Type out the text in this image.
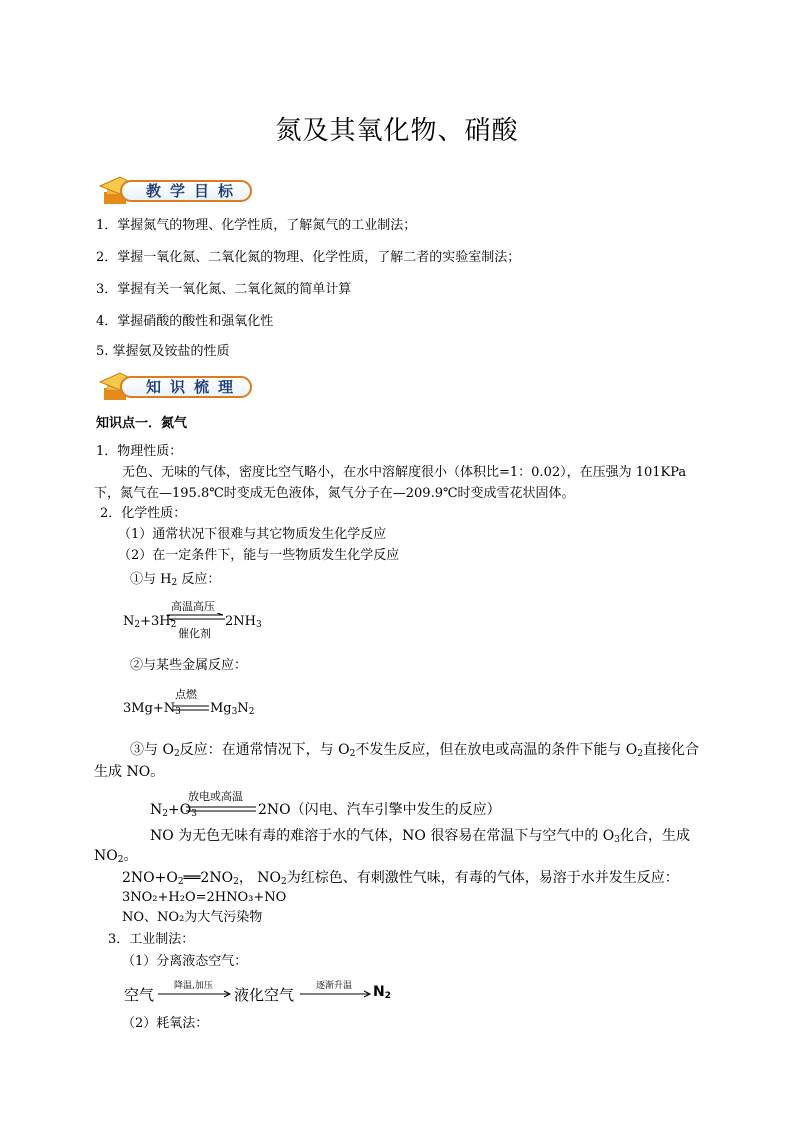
氮及其氧化物、硝酸
教学目标
1．掌握氮气的物理、化学性质，了解氮气的工业制法；
2．掌握一氧化氮、二氧化氮的物理、化学性质，了解二者的实验室制法；
3．掌握有关一氧化氮、二氧化氮的简单计算
4．掌握硝酸的酸性和强氧化性
5. 掌握氨及铵盐的性质
知识梳理
知识点一．氮气
1．物理性质：
无色、无味的气体，密度比空气略小，在水中溶解度很小（体积比=1：0.02），在压强为 101KPa
下，氮气在—195.8℃时变成无色液体，氮气分子在—209.9℃时变成雪花状固体。
2．化学性质：
（1）通常状况下很难与其它物质发生化学反应
（2）在一定条件下，能与一些物质发生化学反应
①与 $H_2$ 反应：
$N_2+3H_2$
高温高压
催化剂
$2NH_3$
②与某些金属反应：
点燃
$3Mg+N_3$ $Mg_3N_2$
③与 $O_2$反应：在通常情况下，与 $O_2$不发生反应，但在放电或高温的条件下能与 $O_2$直接化合
生成 NO。
放电或高温
$N_2+O_3$	2NO（闪电、汽车引擎中发生的反应）
NO 为无色无味有毒的难溶于水的气体，NO 很容易在常温下与空气中的 $O_3$化合，生成
$NO_2$。
$2NO+O_2══2NO_2$， $NO_2$为红棕色、有刺激性气味，有毒的气体，易溶于水并发生反应：
3NO₂+H₂O=2HNO₃+NO
NO、NO₂为大气污染物
3．工业制法：
（1）分离液态空气：
空气 降温,加压 液化空气 逐渐升温 $N_2$
（2）耗氧法：
